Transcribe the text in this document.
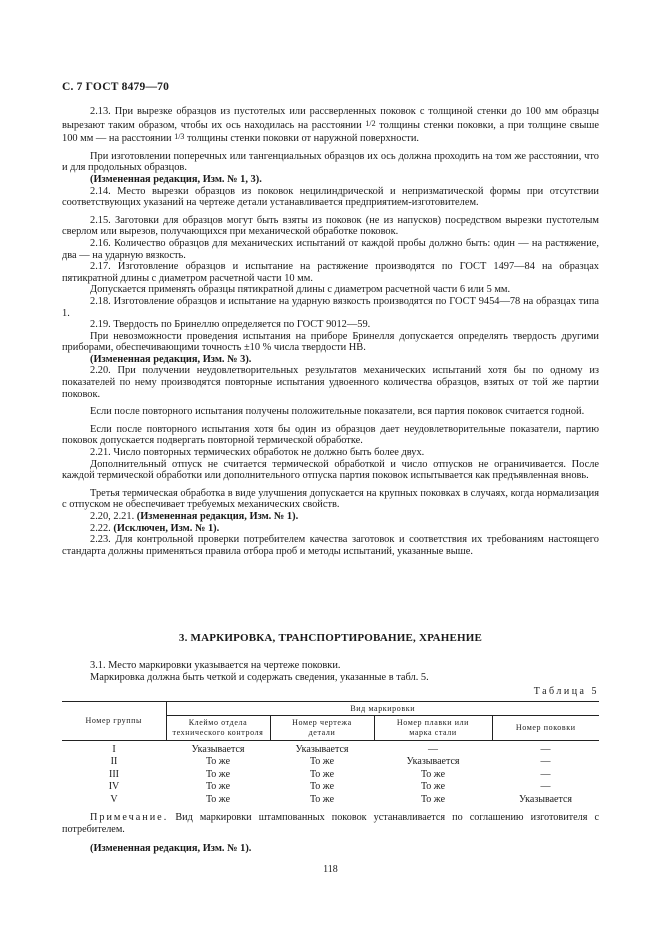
С. 7 ГОСТ 8479—70

2.13. При вырезке образцов из пустотелых или рассверленных поковок с толщиной стенки до 100 мм образцы вырезают таким образом, чтобы их ось находилась на расстоянии 1/2 толщины стенки поковки, а при толщине свыше 100 мм — на расстоянии 1/3 толщины стенки поковки от наружной поверхности.

При изготовлении поперечных или тангенциальных образцов их ось должна проходить на том же расстоянии, что и для продольных образцов.

(Измененная редакция, Изм. № 1, 3).

2.14. Место вырезки образцов из поковок нецилиндрической и непризматической формы при отсутствии соответствующих указаний на чертеже детали устанавливается предприятием-изготовителем.

2.15. Заготовки для образцов могут быть взяты из поковок (не из напусков) посредством вырезки пустотелым сверлом или вырезов, получающихся при механической обработке поковок.

2.16. Количество образцов для механических испытаний от каждой пробы должно быть: один — на растяжение, два — на ударную вязкость.

2.17. Изготовление образцов и испытание на растяжение производятся по ГОСТ 1497—84 на образцах пятикратной длины с диаметром расчетной части 10 мм.

Допускается применять образцы пятикратной длины с диаметром расчетной части 6 или 5 мм.

2.18. Изготовление образцов и испытание на ударную вязкость производятся по ГОСТ 9454—78 на образцах типа 1.

2.19. Твердость по Бринеллю определяется по ГОСТ 9012—59.

При невозможности проведения испытания на приборе Бринелля допускается определять твердость другими приборами, обеспечивающими точность ±10 % числа твердости НВ.

(Измененная редакция, Изм. № 3).

2.20. При получении неудовлетворительных результатов механических испытаний хотя бы по одному из показателей по нему производятся повторные испытания удвоенного количества образцов, взятых от той же партии поковок.

Если после повторного испытания получены положительные показатели, вся партия поковок считается годной.

Если после повторного испытания хотя бы один из образцов дает неудовлетворительные показатели, партию поковок допускается подвергать повторной термической обработке.

2.21. Число повторных термических обработок не должно быть более двух.

Дополнительный отпуск не считается термической обработкой и число отпусков не ограничивается. После каждой термической обработки или дополнительного отпуска партия поковок испытывается как предъявленная вновь.

Третья термическая обработка в виде улучшения допускается на крупных поковках в случаях, когда нормализация с отпуском не обеспечивает требуемых механических свойств.

2.20, 2.21. (Измененная редакция, Изм. № 1).

2.22. (Исключен, Изм. № 1).

2.23. Для контрольной проверки потребителем качества заготовок и соответствия их требованиям настоящего стандарта должны применяться правила отбора проб и методы испытаний, указанные выше.

3. МАРКИРОВКА, ТРАНСПОРТИРОВАНИЕ, ХРАНЕНИЕ

3.1. Место маркировки указывается на чертеже поковки.

Маркировка должна быть четкой и содержать сведения, указанные в табл. 5.

Таблица 5
Номер группы	Вид маркировки			
	Клеймо отдела технического контроля	Номер чертежа детали	Номер плавки или марка стали	Номер поковки
I	Указывается	Указывается	—	—
II	То же	То же	Указывается	—
III	То же	То же	То же	—
IV	То же	То же	То же	—
V	То же	То же	То же	Указывается
Примечание. Вид маркировки штампованных поковок устанавливается по соглашению изготовителя с потребителем.
(Измененная редакция, Изм. № 1).
118
